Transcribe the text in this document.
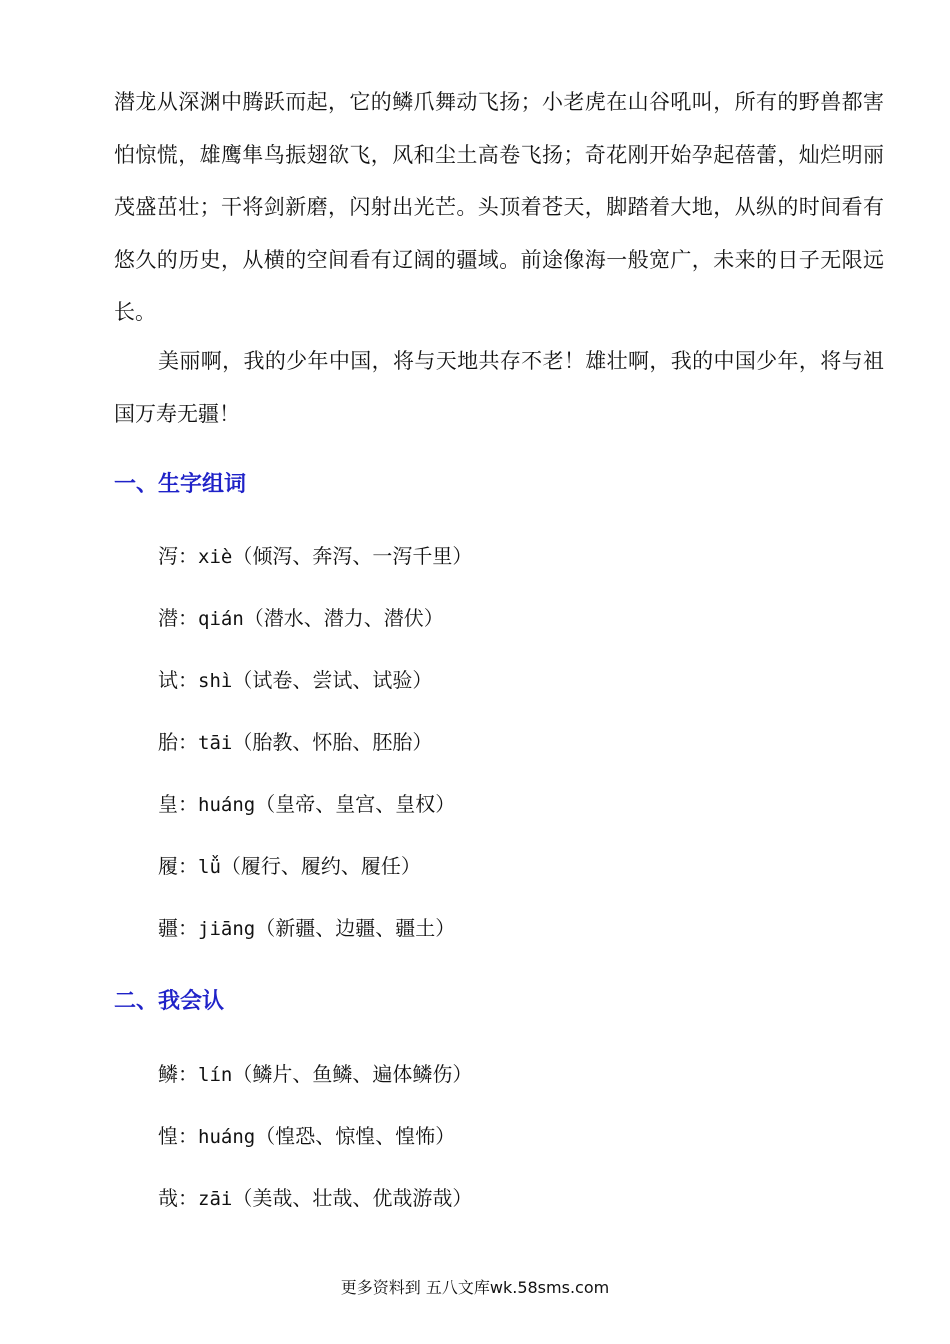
潜龙从深渊中腾跃而起，它的鳞爪舞动飞扬；小老虎在山谷吼叫，所有的野兽都害怕惊慌，雄鹰隼鸟振翅欲飞，风和尘土高卷飞扬；奇花刚开始孕起蓓蕾，灿烂明丽茂盛茁壮；干将剑新磨，闪射出光芒。头顶着苍天，脚踏着大地，从纵的时间看有悠久的历史，从横的空间看有辽阔的疆域。前途像海一般宽广，未来的日子无限远长。

美丽啊，我的少年中国，将与天地共存不老！雄壮啊，我的中国少年，将与祖国万寿无疆！

一、生字组词

泻：xiè（倾泻、奔泻、一泻千里）

潜：qián（潜水、潜力、潜伏）

试：shì（试卷、尝试、试验）

胎：tāi（胎教、怀胎、胚胎）

皇：huáng（皇帝、皇宫、皇权）

履：lǚ（履行、履约、履任）

疆：jiāng（新疆、边疆、疆土）

二、我会认

鳞：lín（鳞片、鱼鳞、遍体鳞伤）

惶：huáng（惶恐、惊惶、惶怖）

哉：zāi（美哉、壮哉、优哉游哉）

更多资料到 五八文库wk.58sms.com
